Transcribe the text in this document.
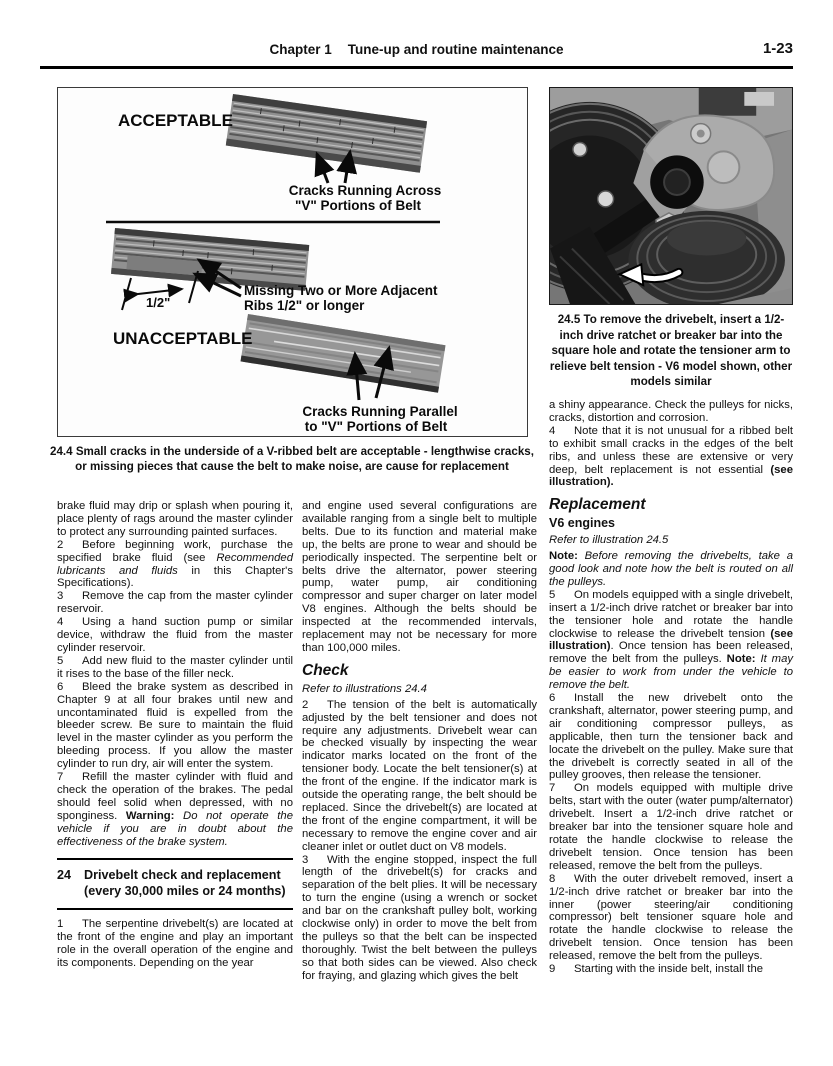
Chapter 1 Tune-up and routine maintenance	1-23
ACCEPTABLE
Cracks Running Across
"V" Portions of Belt
Missing Two or More Adjacent
Ribs 1/2" or longer
1/2"
UNACCEPTABLE
Cracks Running Parallel
to "V" Portions of Belt
24.4 Small cracks in the underside of a V-ribbed belt are acceptable - lengthwise cracks, or missing pieces that cause the belt to make noise, are cause for replacement
24.5 To remove the drivebelt, insert a 1/2-inch drive ratchet or breaker bar into the square hole and rotate the tensioner arm to relieve belt tension - V6 model shown, other models similar

brake fluid may drip or splash when pouring it, place plenty of rags around the master cylinder to protect any surrounding painted surfaces.

2 Before beginning work, purchase the specified brake fluid (see Recommended lubricants and fluids in this Chapter's Specifications).

3 Remove the cap from the master cylinder reservoir.

4 Using a hand suction pump or similar device, withdraw the fluid from the master cylinder reservoir.

5 Add new fluid to the master cylinder until it rises to the base of the filler neck.

6 Bleed the brake system as described in Chapter 9 at all four brakes until new and uncontaminated fluid is expelled from the bleeder screw. Be sure to maintain the fluid level in the master cylinder as you perform the bleeding process. If you allow the master cylinder to run dry, air will enter the system.

7 Refill the master cylinder with fluid and check the operation of the brakes. The pedal should feel solid when depressed, with no sponginess. Warning: Do not operate the vehicle if you are in doubt about the effectiveness of the brake system.

24	Drivebelt check and replacement (every 30,000 miles or 24 months)

1 The serpentine drivebelt(s) are located at the front of the engine and play an important role in the overall operation of the engine and its components. Depending on the year

and engine used several configurations are available ranging from a single belt to multiple belts. Due to its function and material make up, the belts are prone to wear and should be periodically inspected. The serpentine belt or belts drive the alternator, power steering pump, water pump, air conditioning compressor and super charger on later model V8 engines. Although the belts should be inspected at the recommended intervals, replacement may not be necessary for more than 100,000 miles.

Check
Refer to illustrations 24.4

2 The tension of the belt is automatically adjusted by the belt tensioner and does not require any adjustments. Drivebelt wear can be checked visually by inspecting the wear indicator marks located on the front of the tensioner body. Locate the belt tensioner(s) at the front of the engine. If the indicator mark is outside the operating range, the belt should be replaced. Since the drivebelt(s) are located at the front of the engine compartment, it will be necessary to remove the engine cover and air cleaner inlet or outlet duct on V8 models.

3 With the engine stopped, inspect the full length of the drivebelt(s) for cracks and separation of the belt plies. It will be necessary to turn the engine (using a wrench or socket and bar on the crankshaft pulley bolt, working clockwise only) in order to move the belt from the pulleys so that the belt can be inspected thoroughly. Twist the belt between the pulleys so that both sides can be viewed. Also check for fraying, and glazing which gives the belt

a shiny appearance. Check the pulleys for nicks, cracks, distortion and corrosion.

4 Note that it is not unusual for a ribbed belt to exhibit small cracks in the edges of the belt ribs, and unless these are extensive or very deep, belt replacement is not essential (see illustration).

Replacement
V6 engines
Refer to illustration 24.5

Note: Before removing the drivebelts, take a good look and note how the belt is routed on all the pulleys.

5 On models equipped with a single drivebelt, insert a 1/2-inch drive ratchet or breaker bar into the tensioner hole and rotate the handle clockwise to release the drivebelt tension (see illustration). Once tension has been released, remove the belt from the pulleys. Note: It may be easier to work from under the vehicle to remove the belt.

6 Install the new drivebelt onto the crankshaft, alternator, power steering pump, and air conditioning compressor pulleys, as applicable, then turn the tensioner back and locate the drivebelt on the pulley. Make sure that the drivebelt is correctly seated in all of the pulley grooves, then release the tensioner.

7 On models equipped with multiple drive belts, start with the outer (water pump/alternator) drivebelt. Insert a 1/2-inch drive ratchet or breaker bar into the tensioner square hole and rotate the handle clockwise to release the drivebelt tension. Once tension has been released, remove the belt from the pulleys.

8 With the outer drivebelt removed, insert a 1/2-inch drive ratchet or breaker bar into the inner (power steering/air conditioning compressor) belt tensioner square hole and rotate the handle clockwise to release the drivebelt tension. Once tension has been released, remove the belt from the pulleys.

9 Starting with the inside belt, install the
